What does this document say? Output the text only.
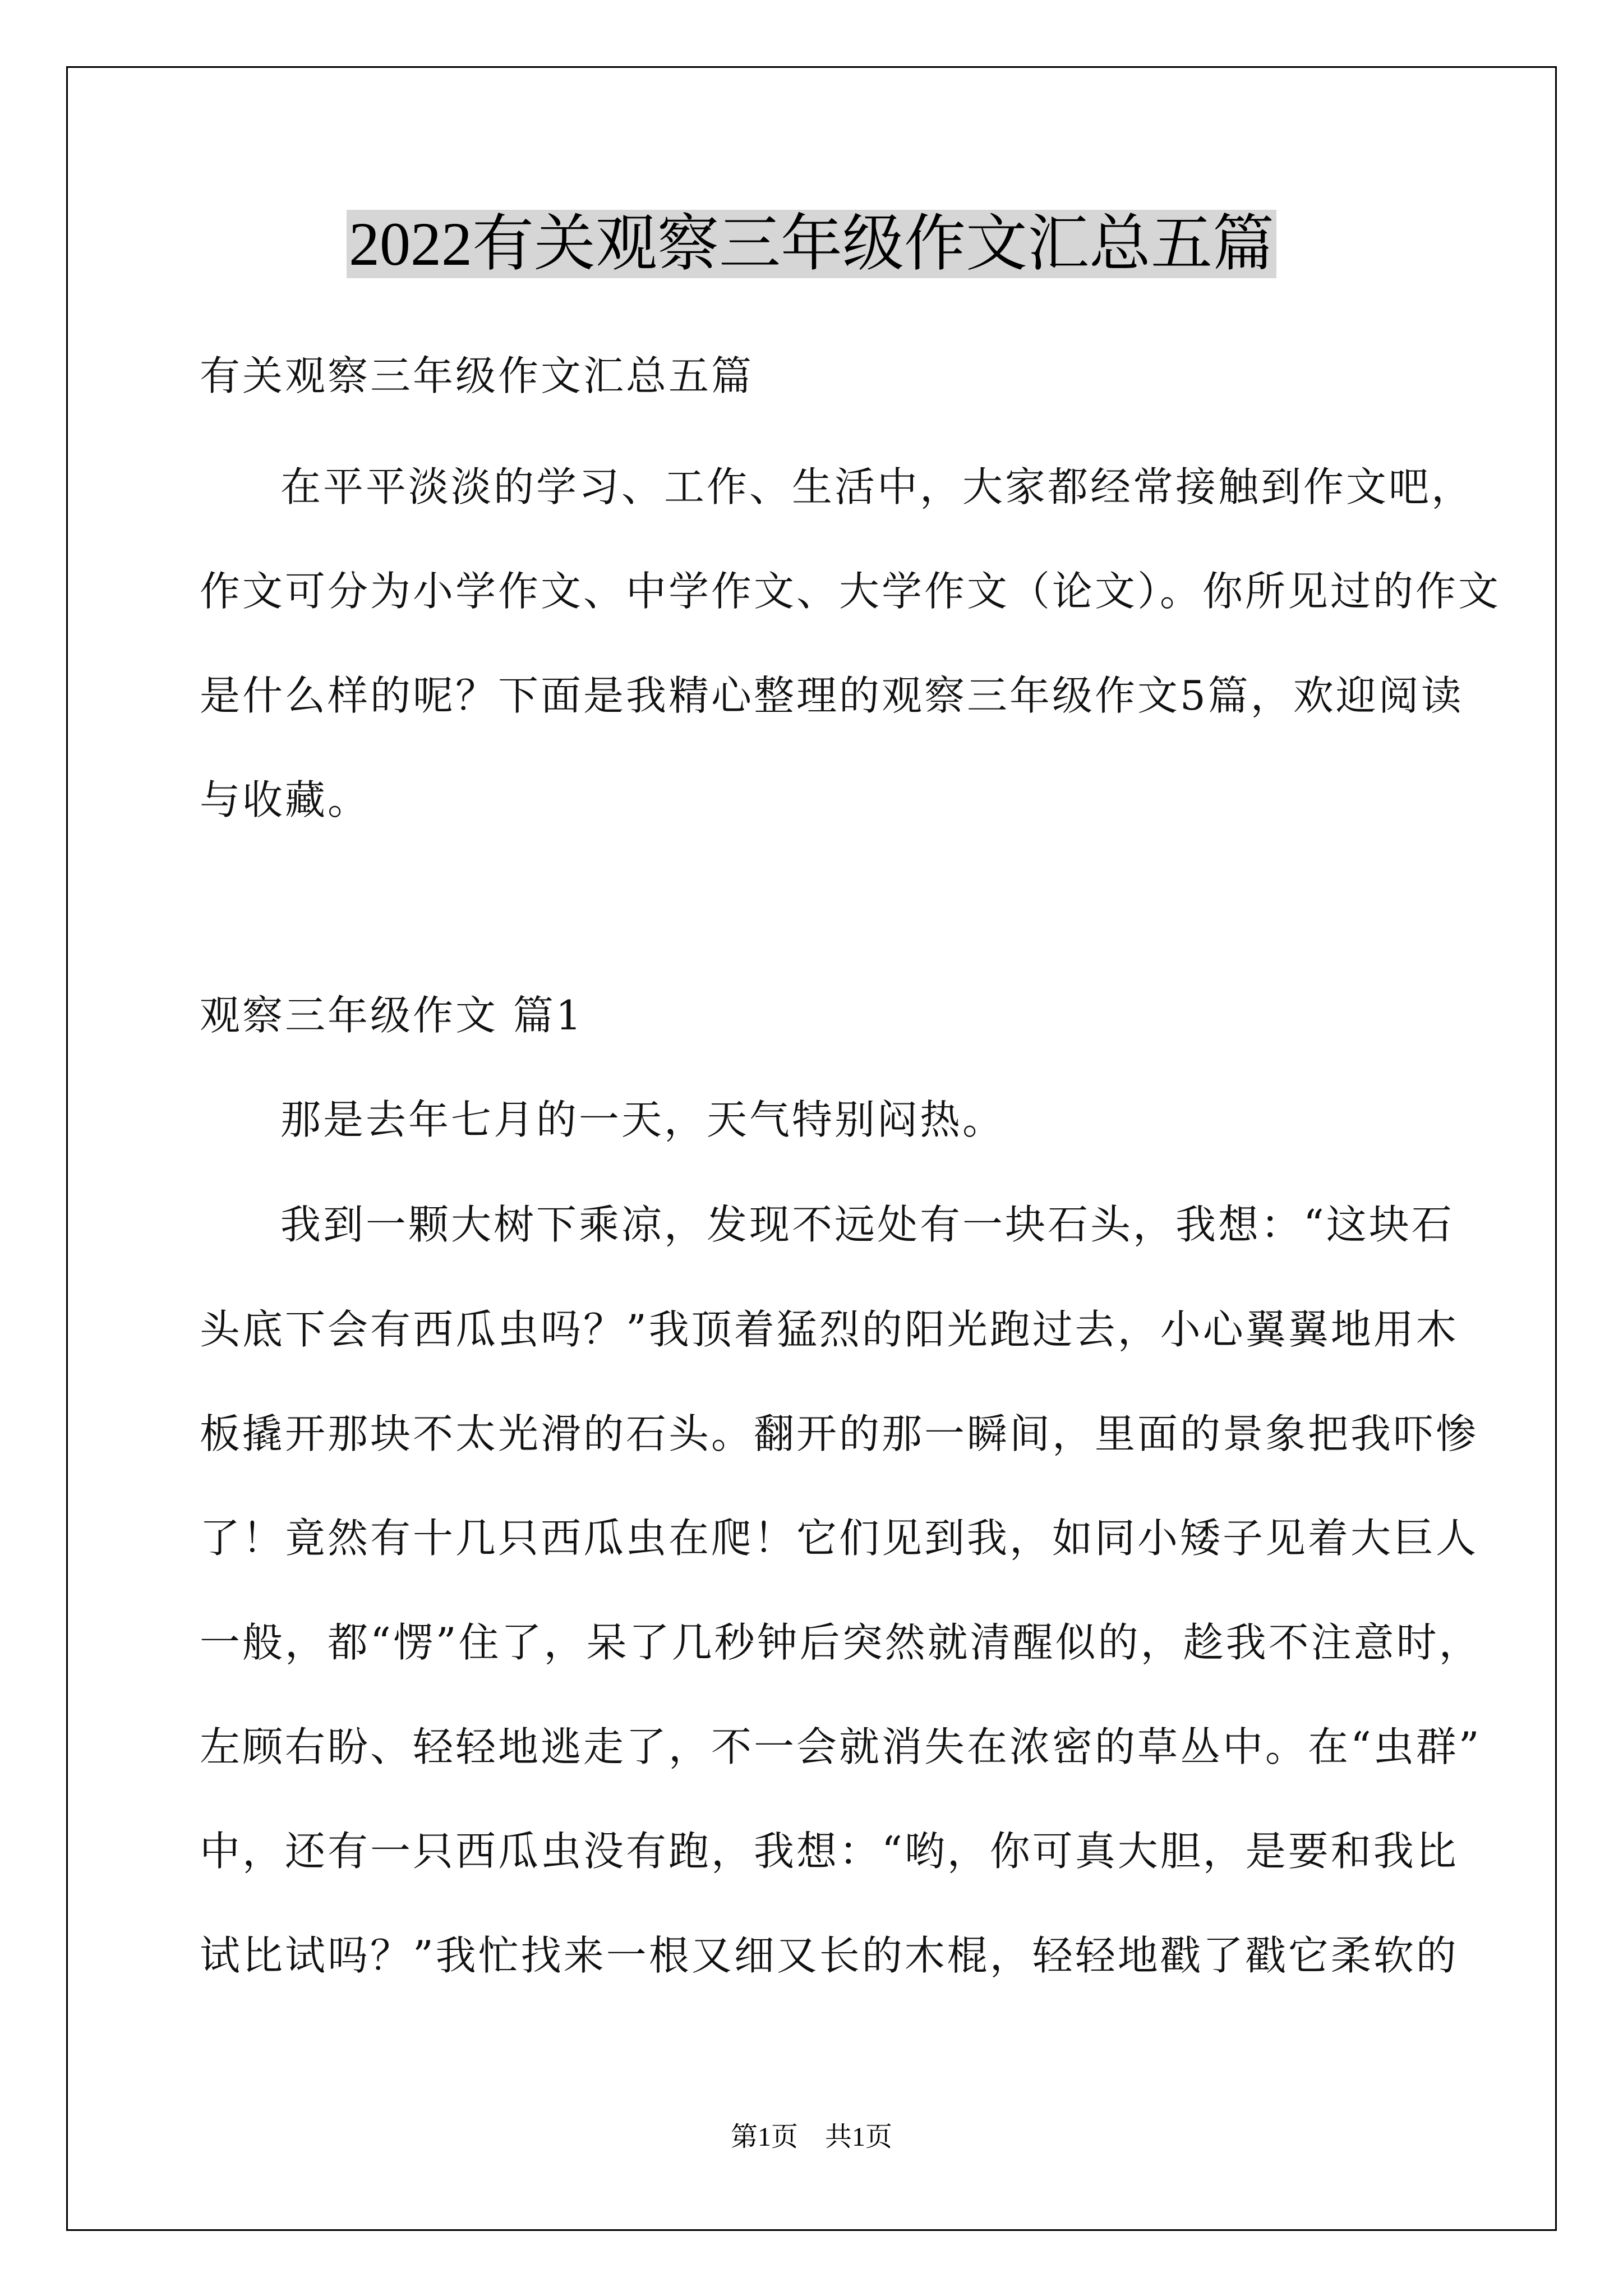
2022有关观察三年级作文汇总五篇
有关观察三年级作文汇总五篇
在平平淡淡的学习、工作、生活中，大家都经常接触到作文吧，
作文可分为小学作文、中学作文、大学作文（论文）。你所见过的作文
是什么样的呢？下面是我精心整理的观察三年级作文5篇，欢迎阅读
与收藏。
观察三年级作文 篇1
那是去年七月的一天，天气特别闷热。
我到一颗大树下乘凉，发现不远处有一块石头，我想：“这块石
头底下会有西瓜虫吗？”我顶着猛烈的阳光跑过去，小心翼翼地用木
板撬开那块不太光滑的石头。翻开的那一瞬间，里面的景象把我吓惨
了！竟然有十几只西瓜虫在爬！它们见到我，如同小矮子见着大巨人
一般，都“愣”住了，呆了几秒钟后突然就清醒似的，趁我不注意时，
左顾右盼、轻轻地逃走了，不一会就消失在浓密的草丛中。在“虫群”
中，还有一只西瓜虫没有跑，我想：“哟，你可真大胆，是要和我比
试比试吗？”我忙找来一根又细又长的木棍，轻轻地戳了戳它柔软的
第1页　共1页
